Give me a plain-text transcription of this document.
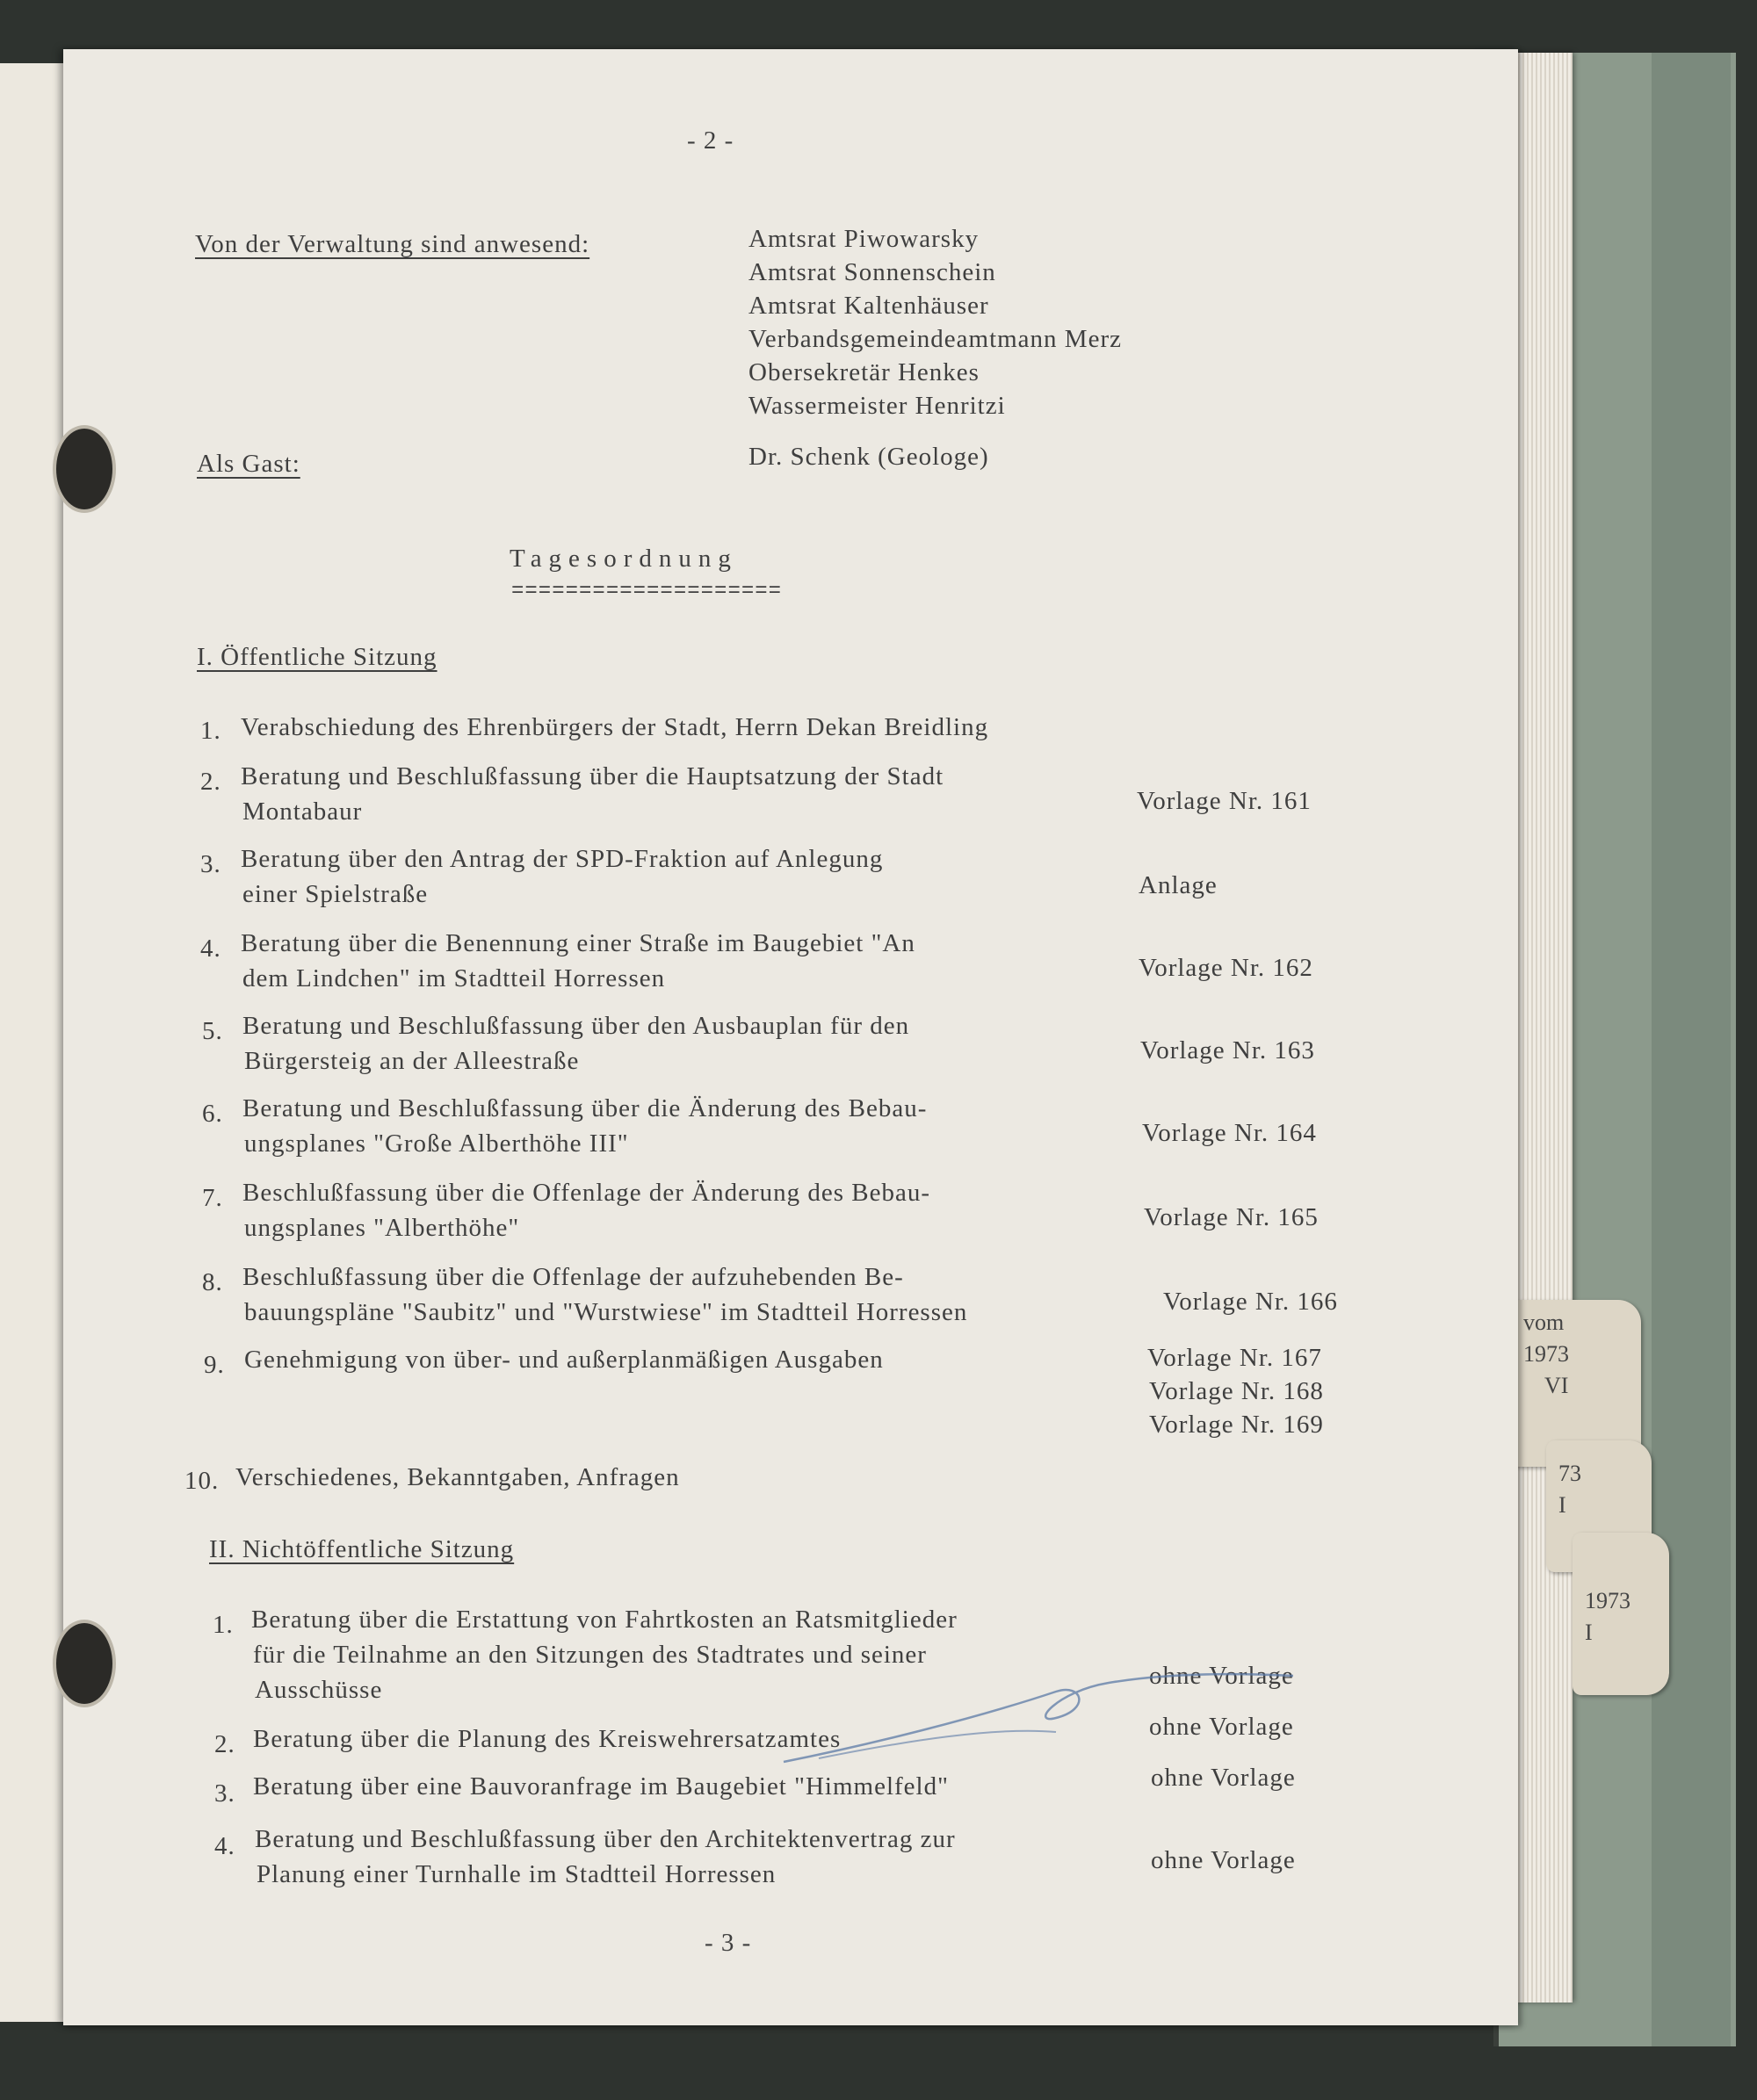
vom
1973
VI
73
I
1973
I
- 2 -
Von der Verwaltung sind anwesend:	Amtsrat Piwowarsky
Amtsrat Sonnenschein
Amtsrat Kaltenhäuser
Verbandsgemeindeamtmann Merz
Obersekretär Henkes
Wassermeister Henritzi
Als Gast:	Dr. Schenk (Geologe)
Tagesordnung
====================
I. Öffentliche Sitzung
1. Verabschiedung des Ehrenbürgers der Stadt, Herrn Dekan Breidling
2. Beratung und Beschlußfassung über die Hauptsatzung der Stadt
Montabaur	Vorlage Nr. 161
3. Beratung über den Antrag der SPD-Fraktion auf Anlegung
einer Spielstraße	Anlage
4. Beratung über die Benennung einer Straße im Baugebiet "An
dem Lindchen" im Stadtteil Horressen	Vorlage Nr. 162
5. Beratung und Beschlußfassung über den Ausbauplan für den
Bürgersteig an der Alleestraße	Vorlage Nr. 163
6. Beratung und Beschlußfassung über die Änderung des Bebau-
ungsplanes "Große Alberthöhe III"	Vorlage Nr. 164
7. Beschlußfassung über die Offenlage der Änderung des Bebau-
ungsplanes "Alberthöhe"	Vorlage Nr. 165
8. Beschlußfassung über die Offenlage der aufzuhebenden Be-
bauungspläne "Saubitz" und "Wurstwiese" im Stadtteil Horressen	Vorlage Nr. 166
9. Genehmigung von über- und außerplanmäßigen Ausgaben	Vorlage Nr. 167
Vorlage Nr. 168
Vorlage Nr. 169
10. Verschiedenes, Bekanntgaben, Anfragen
II. Nichtöffentliche Sitzung
1. Beratung über die Erstattung von Fahrtkosten an Ratsmitglieder
für die Teilnahme an den Sitzungen des Stadtrates und seiner
Ausschüsse	ohne Vorlage
2. Beratung über die Planung des Kreiswehrersatzamtes	ohne Vorlage
3. Beratung über eine Bauvoranfrage im Baugebiet "Himmelfeld"	ohne Vorlage
4. Beratung und Beschlußfassung über den Architektenvertrag zur
Planung einer Turnhalle im Stadtteil Horressen	ohne Vorlage
- 3 -
